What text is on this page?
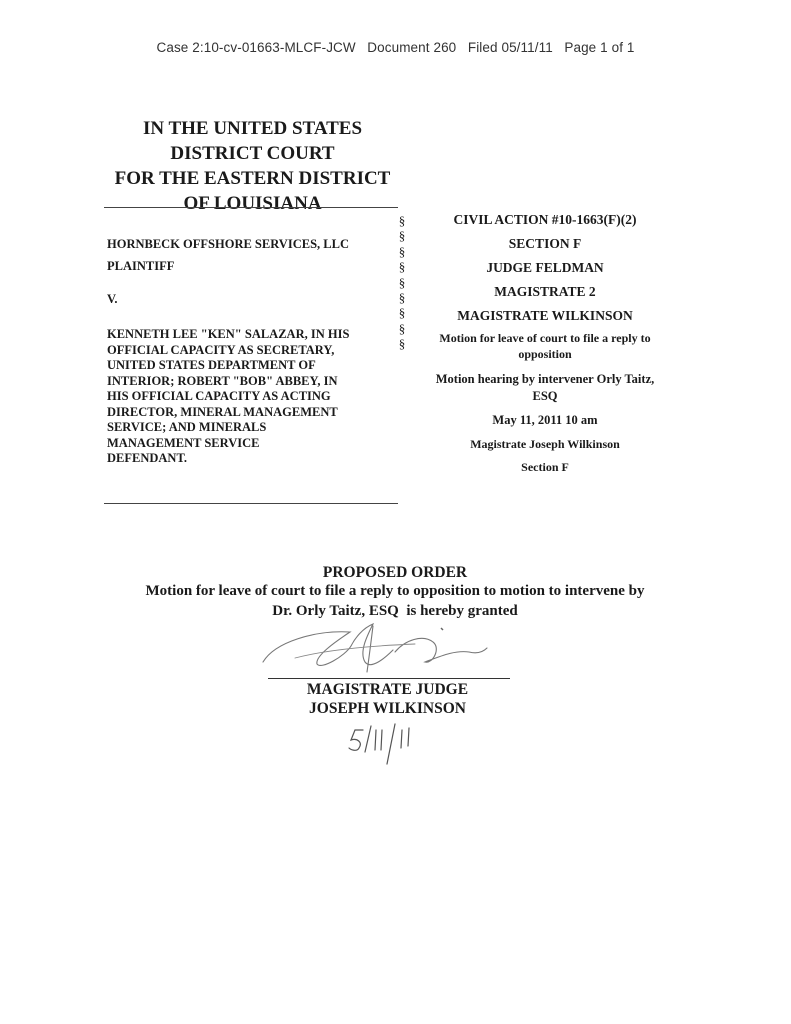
Case 2:10-cv-01663-MLCF-JCW   Document 260   Filed 05/11/11   Page 1 of 1
IN THE UNITED STATES
DISTRICT COURT
FOR THE EASTERN DISTRICT
OF LOUISIANA
HORNBECK OFFSHORE SERVICES, LLC
PLAINTIFF
V.
KENNETH LEE "KEN" SALAZAR, IN HIS
OFFICIAL CAPACITY AS SECRETARY,
UNITED STATES DEPARTMENT OF
INTERIOR; ROBERT "BOB" ABBEY, IN
HIS OFFICIAL CAPACITY AS ACTING
DIRECTOR, MINERAL MANAGEMENT
SERVICE; AND MINERALS
MANAGEMENT SERVICE
DEFENDANT.
§
§
§
§
§
§
§
§
§
CIVIL ACTION #10-1663(F)(2)
SECTION F
JUDGE FELDMAN
MAGISTRATE 2
MAGISTRATE WILKINSON
Motion for leave of court to file a reply to
opposition
Motion hearing by intervener Orly Taitz,
ESQ
May 11, 2011 10 am
Magistrate Joseph Wilkinson
Section F
PROPOSED ORDER
Motion for leave of court to file a reply to opposition to motion to intervene by
Dr. Orly Taitz, ESQ  is hereby granted
MAGISTRATE JUDGE
JOSEPH WILKINSON
